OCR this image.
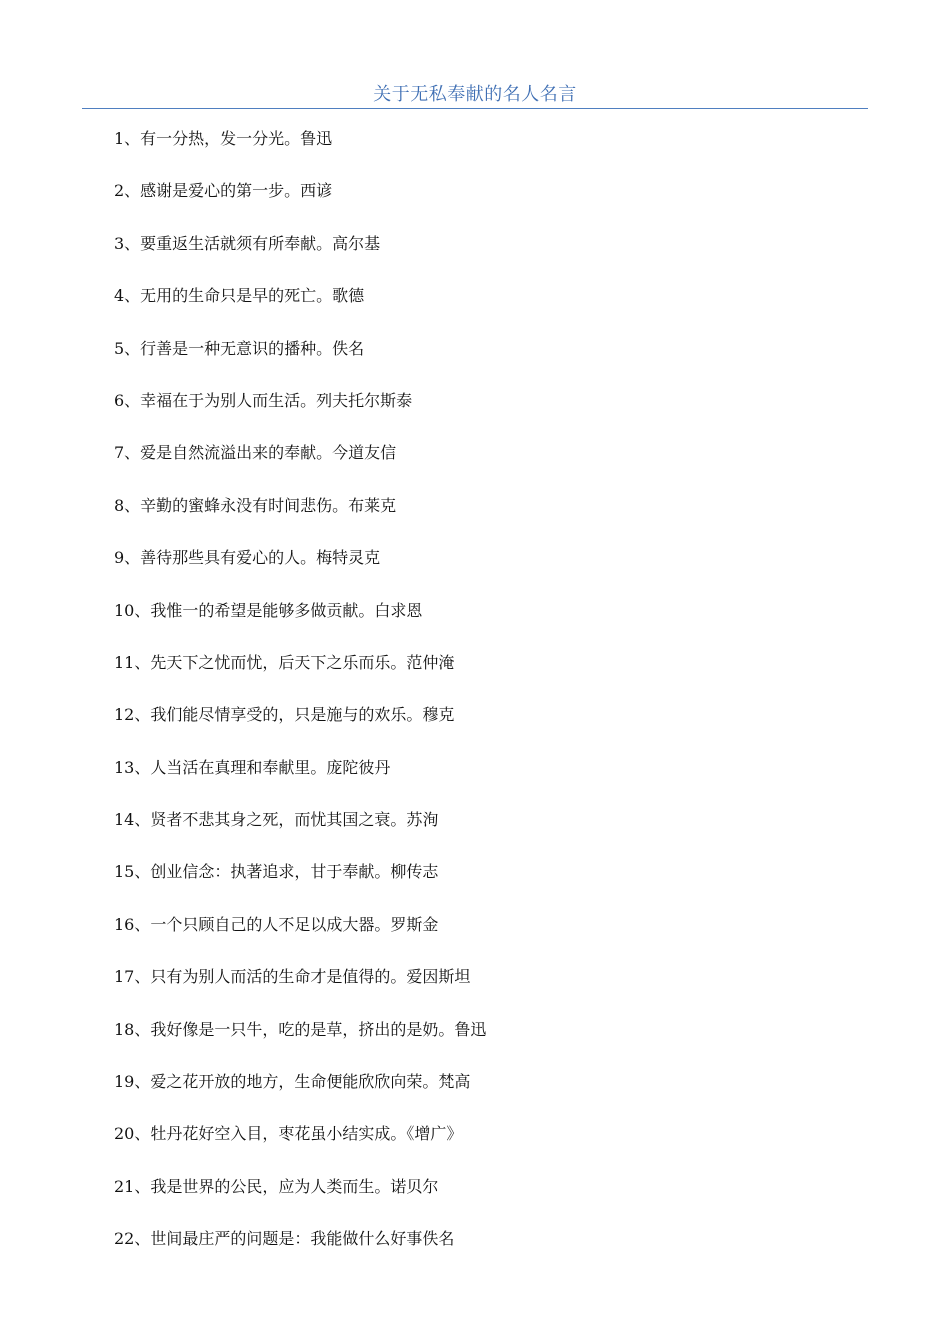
关于无私奉献的名人名言
1、有一分热，发一分光。鲁迅
2、感谢是爱心的第一步。西谚
3、要重返生活就须有所奉献。高尔基
4、无用的生命只是早的死亡。歌德
5、行善是一种无意识的播种。佚名
6、幸福在于为别人而生活。列夫托尔斯泰
7、爱是自然流溢出来的奉献。今道友信
8、辛勤的蜜蜂永没有时间悲伤。布莱克
9、善待那些具有爱心的人。梅特灵克
10、我惟一的希望是能够多做贡献。白求恩
11、先天下之忧而忧，后天下之乐而乐。范仲淹
12、我们能尽情享受的，只是施与的欢乐。穆克
13、人当活在真理和奉献里。庞陀彼丹
14、贤者不悲其身之死，而忧其国之衰。苏洵
15、创业信念：执著追求，甘于奉献。柳传志
16、一个只顾自己的人不足以成大器。罗斯金
17、只有为别人而活的生命才是值得的。爱因斯坦
18、我好像是一只牛，吃的是草，挤出的是奶。鲁迅
19、爱之花开放的地方，生命便能欣欣向荣。梵高
20、牡丹花好空入目，枣花虽小结实成。《增广》
21、我是世界的公民，应为人类而生。诺贝尔
22、世间最庄严的问题是：我能做什么好事佚名
